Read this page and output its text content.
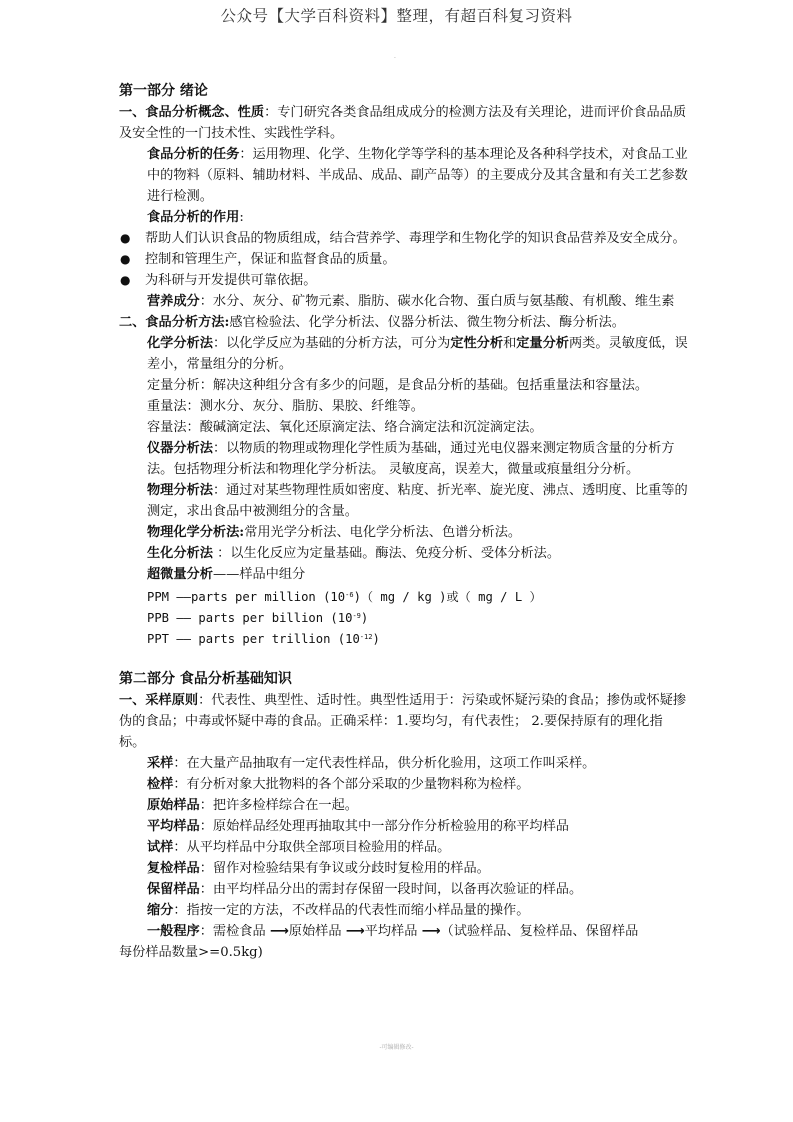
公众号【大学百科资料】整理，有超百科复习资料
·
第一部分 绪论
一、食品分析概念、性质：专门研究各类食品组成成分的检测方法及有关理论，进而评价食品品质及安全性的一门技术性、实践性学科。
食品分析的任务：运用物理、化学、生物化学等学科的基本理论及各种科学技术，对食品工业中的物料（原料、辅助材料、半成品、成品、副产品等）的主要成分及其含量和有关工艺参数进行检测。
食品分析的作用:
● 帮助人们认识食品的物质组成，结合营养学、毒理学和生物化学的知识食品营养及安全成分。
● 控制和管理生产，保证和监督食品的质量。
● 为科研与开发提供可靠依据。
营养成分：水分、灰分、矿物元素、脂肪、碳水化合物、蛋白质与氨基酸、有机酸、维生素
二、食品分析方法:感官检验法、化学分析法、仪器分析法、微生物分析法、酶分析法。
化学分析法：以化学反应为基础的分析方法，可分为定性分析和定量分析两类。灵敏度低，误差小，常量组分的分析。
定量分析：解决这种组分含有多少的问题，是食品分析的基础。包括重量法和容量法。
重量法：测水分、灰分、脂肪、果胶、纤维等。
容量法：酸碱滴定法、氧化还原滴定法、络合滴定法和沉淀滴定法。
仪器分析法：以物质的物理或物理化学性质为基础，通过光电仪器来测定物质含量的分析方法。包括物理分析法和物理化学分析法。 灵敏度高，误差大，微量或痕量组分分析。
物理分析法：通过对某些物理性质如密度、粘度、折光率、旋光度、沸点、透明度、比重等的测定，求出食品中被测组分的含量。
物理化学分析法:常用光学分析法、电化学分析法、色谱分析法。
生化分析法 ：以生化反应为定量基础。酶法、免疫分析、受体分析法。
超微量分析——样品中组分
PPM ——parts per million $(10^{-6})$（ mg / kg )或（ mg / L ）
PPB —— parts per billion $(10^{-9})$
PPT —— parts per trillion $(10^{-12})$
第二部分 食品分析基础知识
一、采样原则：代表性、典型性、适时性。典型性适用于：污染或怀疑污染的食品；掺伪或怀疑掺伪的食品；中毒或怀疑中毒的食品。正确采样：1.要均匀，有代表性； 2.要保持原有的理化指标。
采样：在大量产品抽取有一定代表性样品，供分析化验用，这项工作叫采样。
检样：有分析对象大批物料的各个部分采取的少量物料称为检样。
原始样品：把许多检样综合在一起。
平均样品：原始样品经处理再抽取其中一部分作分析检验用的称平均样品
试样：从平均样品中分取供全部项目检验用的样品。
复检样品：留作对检验结果有争议或分歧时复检用的样品。
保留样品：由平均样品分出的需封存保留一段时间，以备再次验证的样品。
缩分：指按一定的方法，不改样品的代表性而缩小样品量的操作。
一般程序：需检食品 ⟶原始样品 ⟶平均样品 ⟶（试验样品、复检样品、保留样品
每份样品数量>=0.5kg)
-可编辑修改-
